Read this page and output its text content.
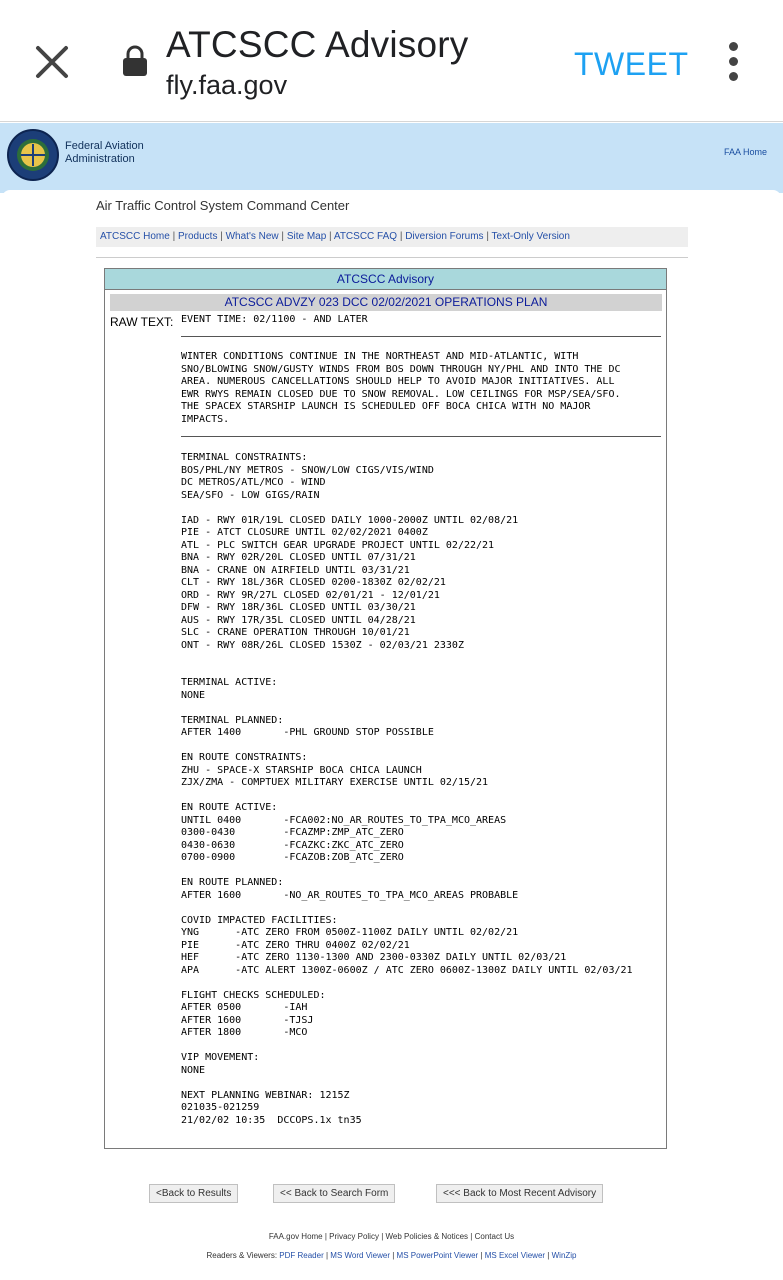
ATCSCC Advisory
fly.faa.gov
TWEET
Federal Aviation
Administration
FAA Home
Air Traffic Control System Command Center
ATCSCC Home | Products | What's New | Site Map | ATCSCC FAQ | Diversion Forums | Text-Only Version
ATCSCC Advisory
ATCSCC ADVZY 023 DCC 02/02/2021 OPERATIONS PLAN
RAW TEXT: EVENT TIME: 02/1100 - AND LATER
WINTER CONDITIONS CONTINUE IN THE NORTHEAST AND MID-ATLANTIC, WITH
SNO/BLOWING SNOW/GUSTY WINDS FROM BOS DOWN THROUGH NY/PHL AND INTO THE DC
AREA. NUMEROUS CANCELLATIONS SHOULD HELP TO AVOID MAJOR INITIATIVES. ALL
EWR RWYS REMAIN CLOSED DUE TO SNOW REMOVAL. LOW CEILINGS FOR MSP/SEA/SFO.
THE SPACEX STARSHIP LAUNCH IS SCHEDULED OFF BOCA CHICA WITH NO MAJOR
IMPACTS.
TERMINAL CONSTRAINTS:
BOS/PHL/NY METROS - SNOW/LOW CIGS/VIS/WIND
DC METROS/ATL/MCO - WIND
SEA/SFO - LOW GIGS/RAIN

IAD - RWY 01R/19L CLOSED DAILY 1000-2000Z UNTIL 02/08/21
PIE - ATCT CLOSURE UNTIL 02/02/2021 0400Z
ATL - PLC SWITCH GEAR UPGRADE PROJECT UNTIL 02/22/21
BNA - RWY 02R/20L CLOSED UNTIL 07/31/21
BNA - CRANE ON AIRFIELD UNTIL 03/31/21
CLT - RWY 18L/36R CLOSED 0200-1830Z 02/02/21
ORD - RWY 9R/27L CLOSED 02/01/21 - 12/01/21
DFW - RWY 18R/36L CLOSED UNTIL 03/30/21
AUS - RWY 17R/35L CLOSED UNTIL 04/28/21
SLC - CRANE OPERATION THROUGH 10/01/21
ONT - RWY 08R/26L CLOSED 1530Z - 02/03/21 2330Z

TERMINAL ACTIVE:
NONE

TERMINAL PLANNED:
AFTER 1400       -PHL GROUND STOP POSSIBLE

EN ROUTE CONSTRAINTS:
ZHU - SPACE-X STARSHIP BOCA CHICA LAUNCH
ZJX/ZMA - COMPTUEX MILITARY EXERCISE UNTIL 02/15/21

EN ROUTE ACTIVE:
UNTIL 0400       -FCA002:NO_AR_ROUTES_TO_TPA_MCO_AREAS
0300-0430        -FCAZMP:ZMP_ATC_ZERO
0430-0630        -FCAZKC:ZKC_ATC_ZERO
0700-0900        -FCAZOB:ZOB_ATC_ZERO

EN ROUTE PLANNED:
AFTER 1600       -NO_AR_ROUTES_TO_TPA_MCO_AREAS PROBABLE

COVID IMPACTED FACILITIES:
YNG      -ATC ZERO FROM 0500Z-1100Z DAILY UNTIL 02/02/21
PIE      -ATC ZERO THRU 0400Z 02/02/21
HEF      -ATC ZERO 1130-1300 AND 2300-0330Z DAILY UNTIL 02/03/21
APA      -ATC ALERT 1300Z-0600Z / ATC ZERO 0600Z-1300Z DAILY UNTIL 02/03/21

FLIGHT CHECKS SCHEDULED:
AFTER 0500       -IAH
AFTER 1600       -TJSJ
AFTER 1800       -MCO

VIP MOVEMENT:
NONE

NEXT PLANNING WEBINAR: 1215Z
021035-021259
21/02/02 10:35  DCCOPS.1x tn35
<Back to Results	<< Back to Search Form	<<< Back to Most Recent Advisory
FAA.gov Home | Privacy Policy | Web Policies & Notices | Contact Us
Readers & Viewers: PDF Reader | MS Word Viewer | MS PowerPoint Viewer | MS Excel Viewer | WinZip
